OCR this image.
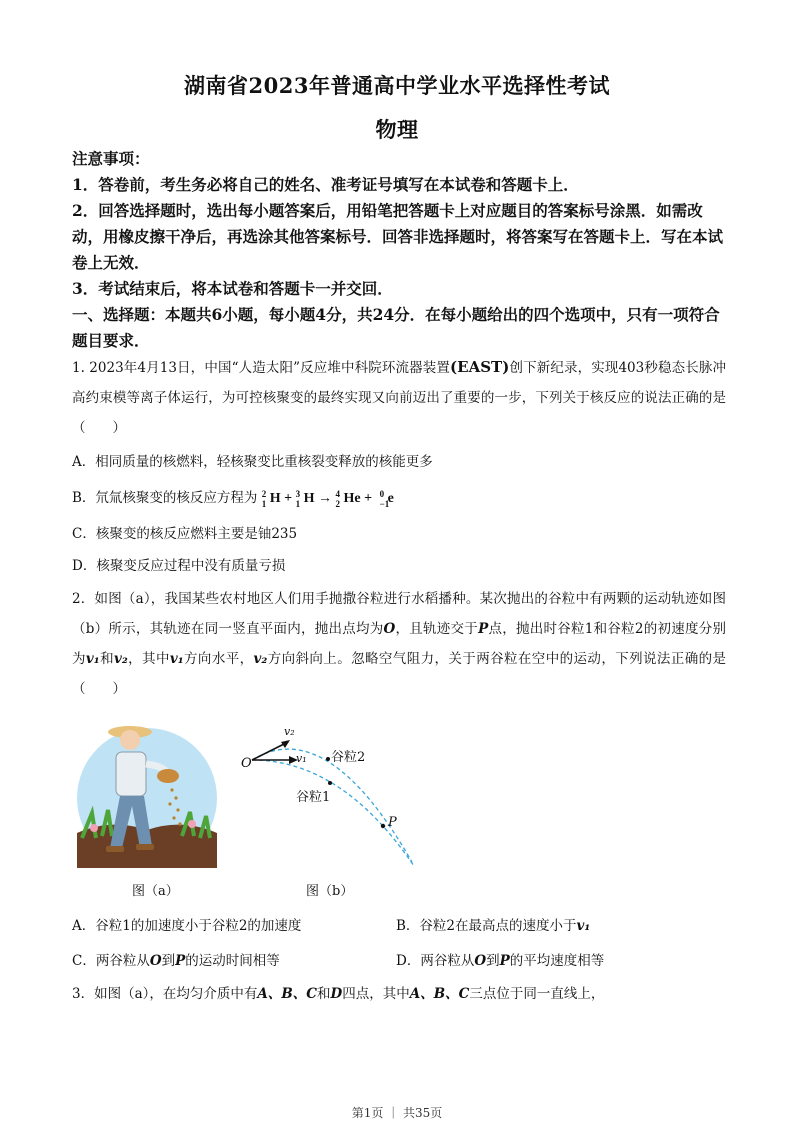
湖南省2023年普通高中学业水平选择性考试
物理
注意事项：
1．答卷前，考生务必将自己的姓名、准考证号填写在本试卷和答题卡上．
2．回答选择题时，选出每小题答案后，用铅笔把答题卡上对应题目的答案标号涂黑．如需改动，用橡皮擦干净后，再选涂其他答案标号．回答非选择题时，将答案写在答题卡上．写在本试卷上无效．
3．考试结束后，将本试卷和答题卡一并交回．
一、选择题：本题共6小题，每小题4分，共24分．在每小题给出的四个选项中，只有一项符合题目要求．
1. 2023年4月13日，中国“人造太阳”反应堆中科院环流器装置(EAST)创下新纪录，实现403秒稳态长脉冲高约束模等离子体运行，为可控核聚变的最终实现又向前迈出了重要的一步，下列关于核反应的说法正确的是（　　）
A．相同质量的核燃料，轻核聚变比重核裂变释放的核能更多
B．氘氚核聚变的核反应方程为 2
1 H + 3
1 H → 4
2 He + 0
−1
e
C．核聚变的核反应燃料主要是铀235
D．核聚变反应过程中没有质量亏损
2．如图（a），我国某些农村地区人们用手抛撒谷粒进行水稻播种。某次抛出的谷粒中有两颗的运动轨迹如图（b）所示，其轨迹在同一竖直平面内，抛出点均为O，且轨迹交于P点，抛出时谷粒1和谷粒2的初速度分别为v₁和v₂，其中v₁方向水平，v₂方向斜向上。忽略空气阻力，关于两谷粒在空中的运动，下列说法正确的是（　　）
O
v₂
v₁ 谷粒2
谷粒1
P
图（a）	图（b）
A．谷粒1的加速度小于谷粒2的加速度	B．谷粒2在最高点的速度小于v₁
C．两谷粒从O到P的运动时间相等	D．两谷粒从O到P的平均速度相等
3．如图（a），在均匀介质中有A、B、C和D四点，其中A、B、C三点位于同一直线上，
第1页 ｜ 共35页
